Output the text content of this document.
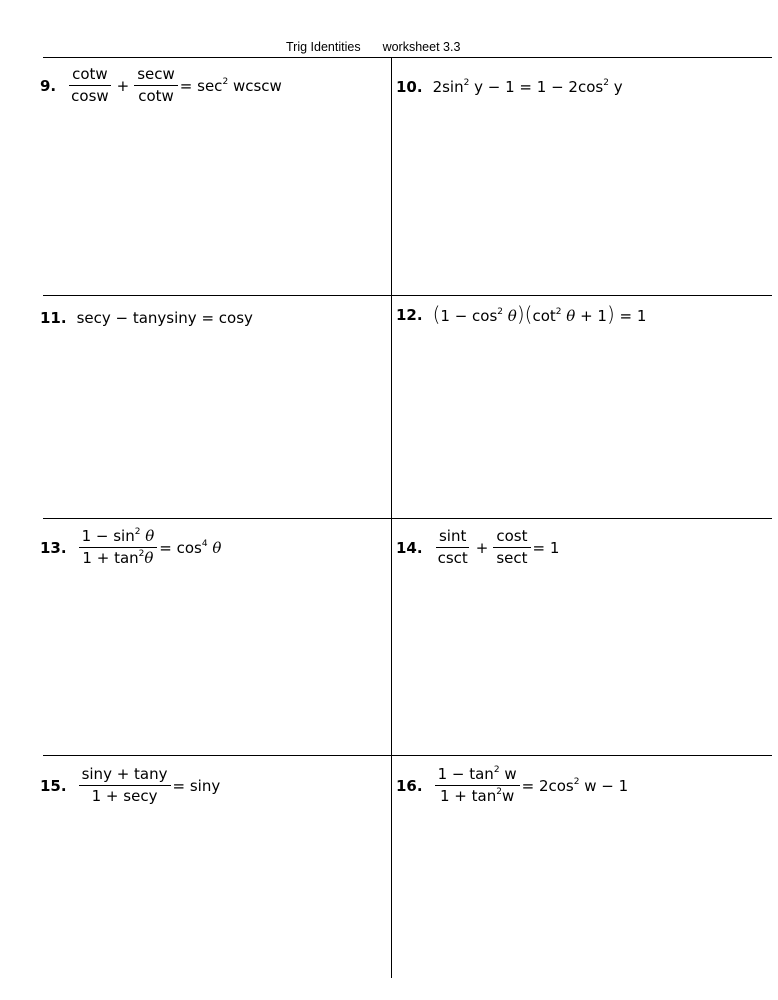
Trig Identities worksheet 3.3
9. $\frac{\cot w}{\cos w} + \frac{\sec w}{\cot w} = \sec^2 wcscw$	10. $2\sin^2$ $y - 1 = 1 - 2\cos^2$ y
11. secy − tanysiny = cosy	12. $(1 - \cos^2 \theta)(\cot^2$ θ + 1) = 1
13. $\frac{1 - \sin^2 \theta}{1 + \tan^2\theta} = \cos^4 \theta$	14. $\frac{\sin t}{\csc t} + \frac{\cos t}{\sec t} = 1$
15. $\frac{\sin y + \tan y}{1 + \sec y} = \sin y$	16. $\frac{1 - \tan^2 w}{1 + \tan^2w} = 2\cos^2$ w − 1
